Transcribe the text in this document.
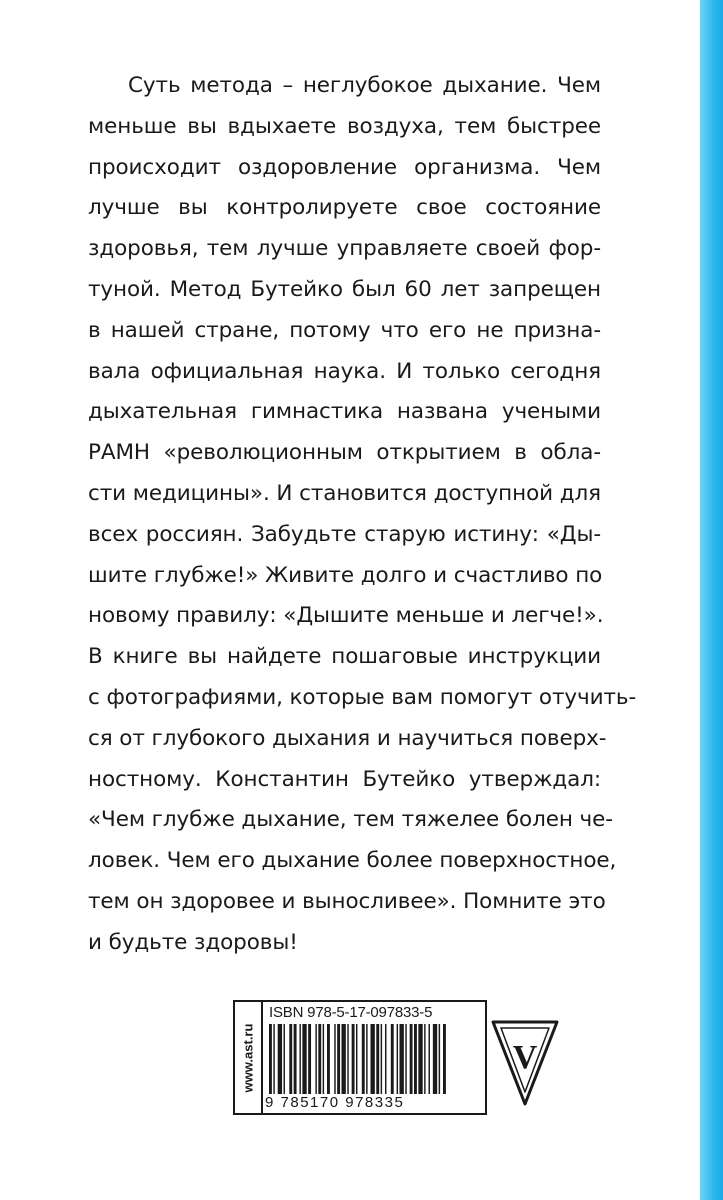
Суть метода – неглубокое дыхание. Чем
меньше вы вдыхаете воздуха, тем быстрее
происходит оздоровление организма. Чем
лучше вы контролируете свое состояние
здоровья, тем лучше управляете своей фор-
туной. Метод Бутейко был 60 лет запрещен
в нашей стране, потому что его не призна-
вала официальная наука. И только сегодня
дыхательная гимнастика названа учеными
РАМН «революционным открытием в обла-
сти медицины». И становится доступной для
всех россиян. Забудьте старую истину: «Ды-
шите глубже!» Живите долго и счастливо по
новому правилу: «Дышите меньше и легче!».
В книге вы найдете пошаговые инструкции
с фотографиями, которые вам помогут отучить-
ся от глубокого дыхания и научиться поверх-
ностному. Константин Бутейко утверждал:
«Чем глубже дыхание, тем тяжелее болен че-
ловек. Чем его дыхание более поверхностное,
тем он здоровее и выносливее». Помните это
и будьте здоровы!
www.ast.ru
ISBN 978-5-17-097833-5
9 785170 978335
V
